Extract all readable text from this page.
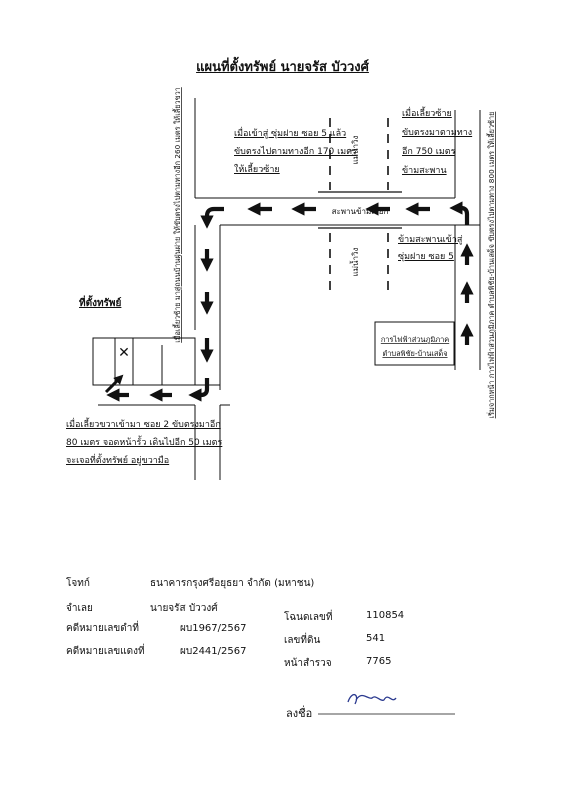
แผนที่ตั้งทรัพย์ นายจรัส บัววงศ์
✕
สะพานข้ามเลียก
แม่น้ำวิง
แม่น้ำวิง
เมื่อเลี้ยวซ้าย มาสู่ถนนบ้านฝุ่นฝาย ให้ขับตรงไปตามทางอีก 260 เมตร ให้เลี้ยวขวา	เริ่มจากหน้า การไฟฟ้าส่วนภูมิภาค ตำบลพิชัย-บ้านเสด็จ ขับตรงไปตามทาง 800 เมตร ให้เลี้ยวซ้าย
การไฟฟ้าส่วนภูมิภาค
ตำบลพิชัย-บ้านเสด็จ
ที่ตั้งทรัพย์
เมื่อเข้าสู่ ซุ่มฝาย ซอย 5 แล้ว
ขับตรงไปตามทางอีก 170 เมตร
ให้เลี้ยวซ้าย
เมื่อเลี้ยวซ้าย
ขับตรงมาตามทาง
อีก 750 เมตร
ข้ามสะพาน
ข้ามสะพานเข้าสู่
ซุ่มฝาย ซอย 5
เมื่อเลี้ยวขวาเข้ามา ซอย 2 ขับตรงมาอีก
80 เมตร จอดหน้ารั้ว เดินไปอีก 50 เมตร
จะเจอที่ตั้งทรัพย์ อยู่ขวามือ
โจทก์	ธนาคารกรุงศรีอยุธยา จำกัด (มหาชน)
จำเลย	นายจรัส บัววงศ์
คดีหมายเลขดำที่	ผบ1967/2567
คดีหมายเลขแดงที่	ผบ2441/2567
โฉนดเลขที่	110854
เลขที่ดิน	541
หน้าสำรวจ	7765
ลงชื่อ
